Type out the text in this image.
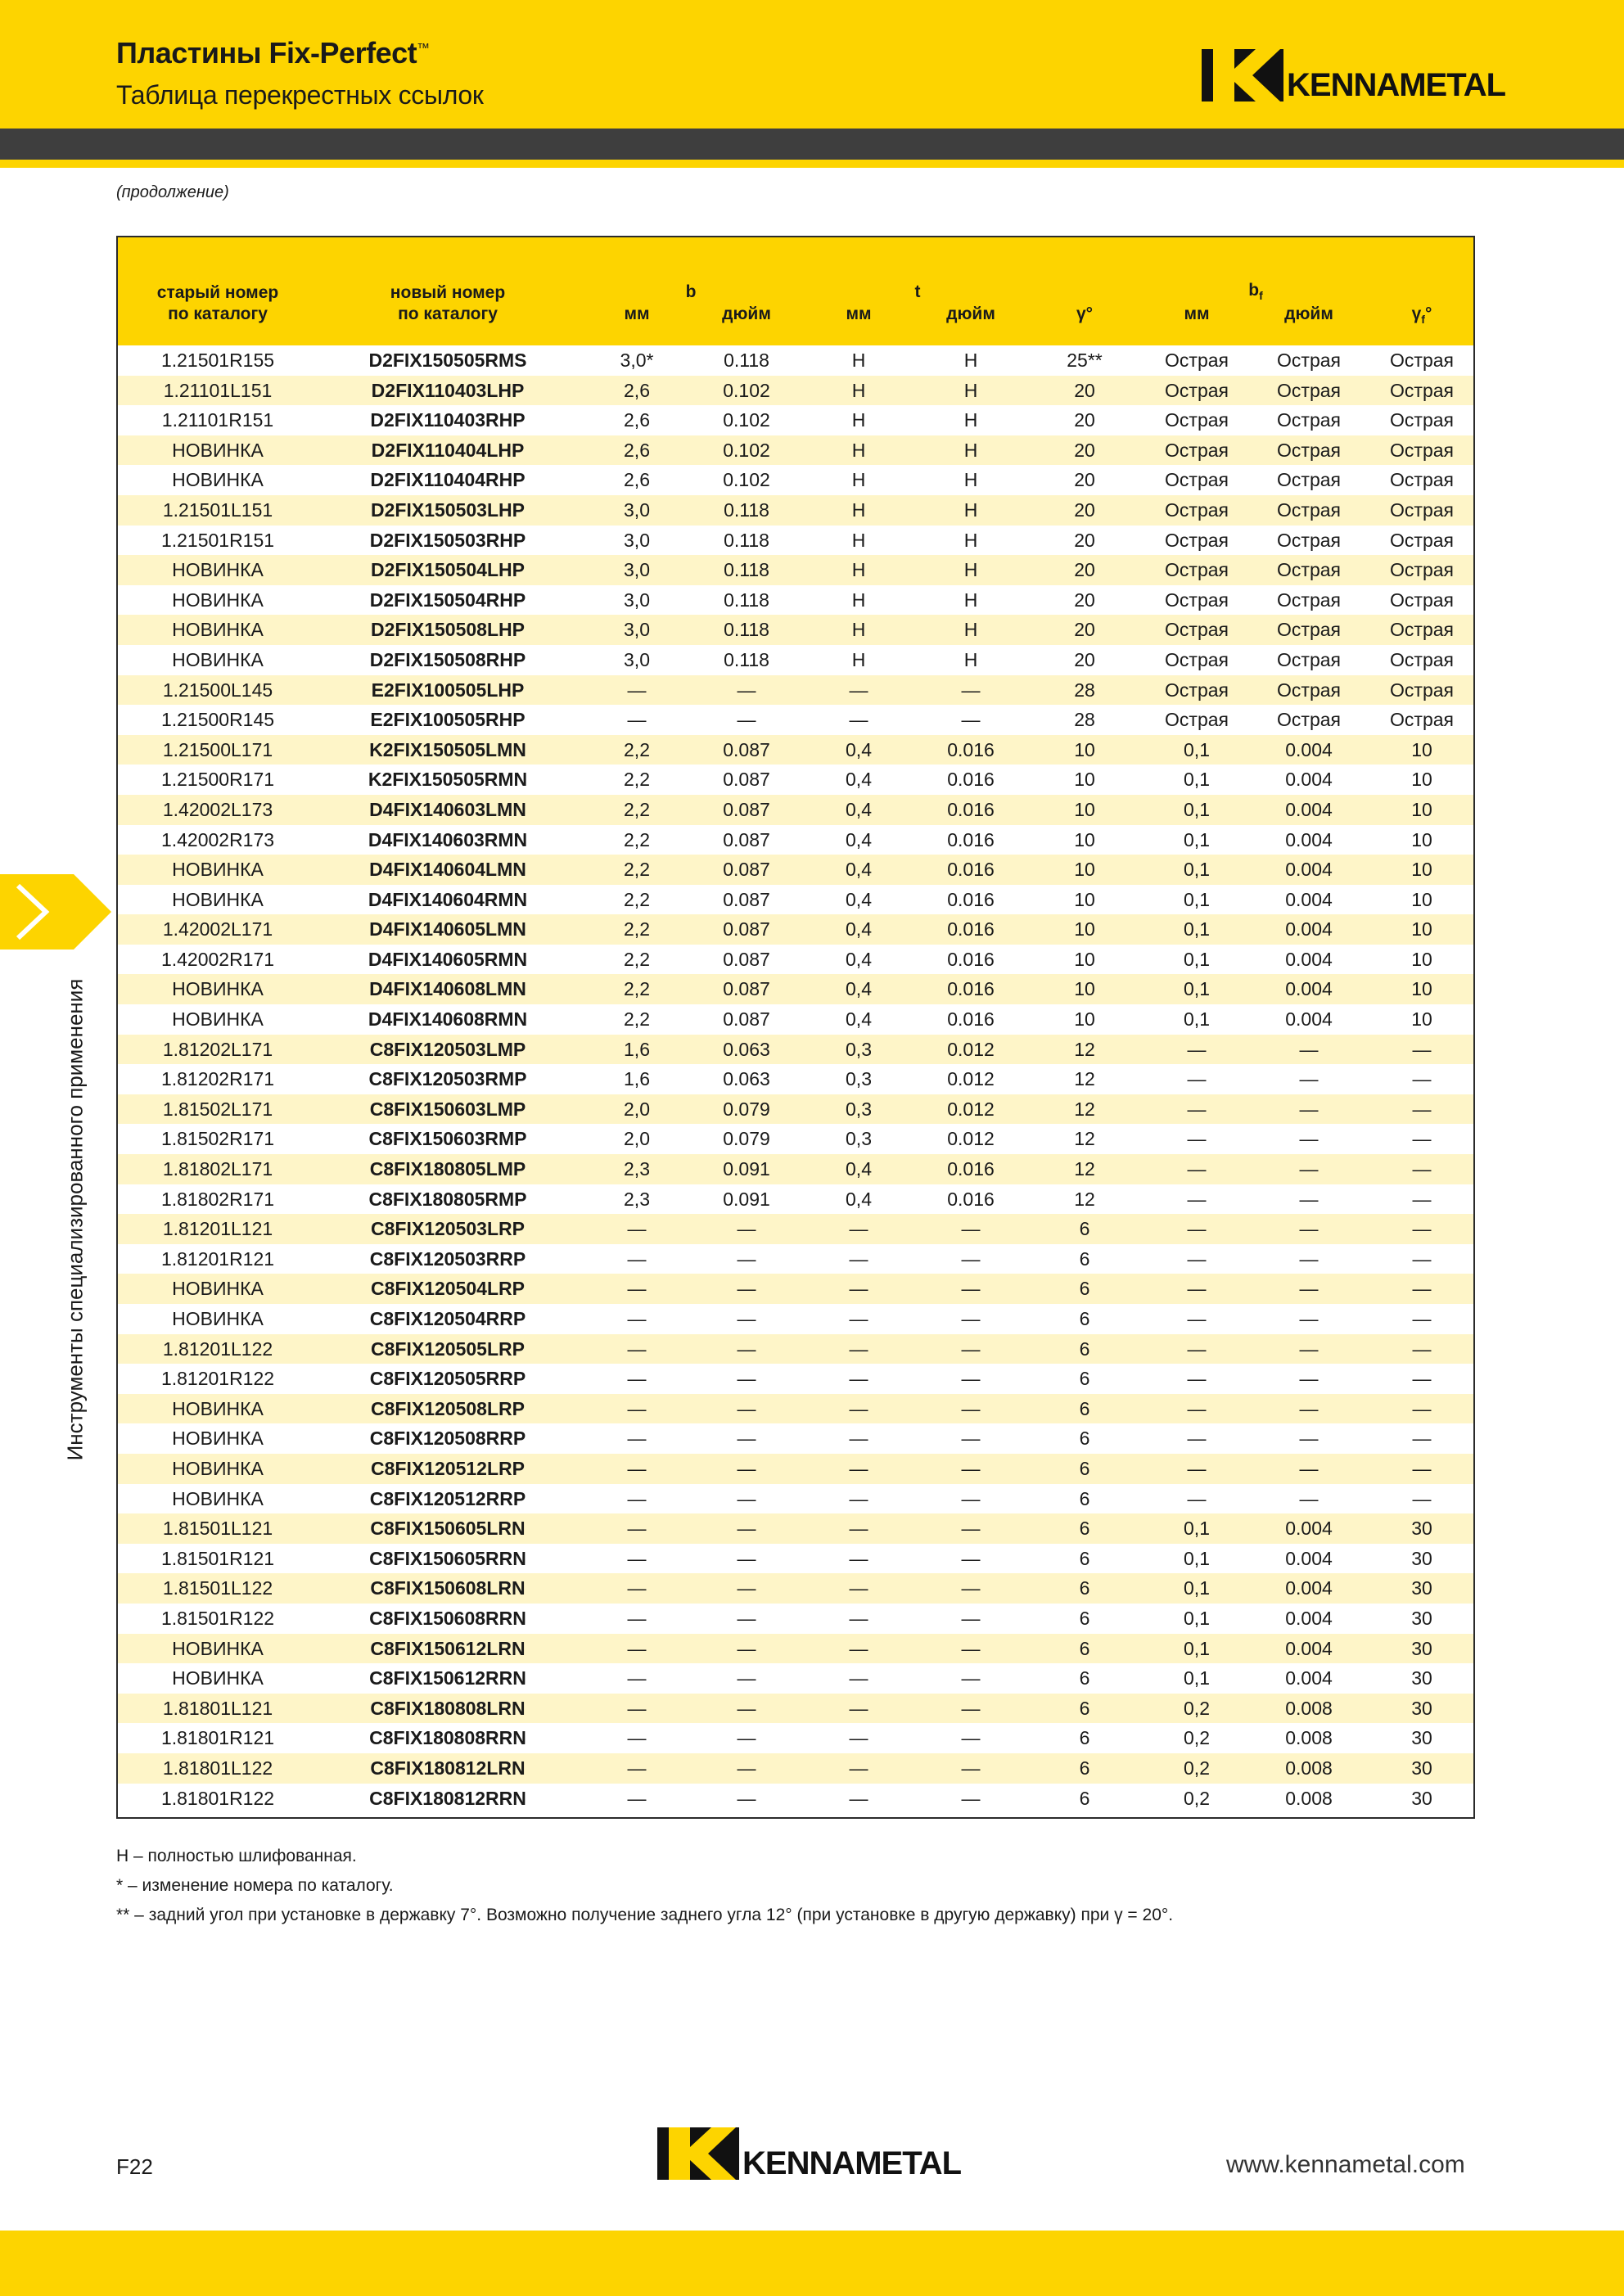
Пластины Fix-Perfect™
Таблица перекрестных ссылок	KENNAMETAL
(продолжение)
Инструменты специализированного применения
старый номер
по каталогу
новый номер
по каталогу
b	t	$b_f$
мм	дюйм	мм	дюйм	γ°	мм	дюйм	$\gamma_f^\circ$
1.21501R155	D2FIX150505RMS	3,0*	0.118	H	H	25**	Острая	Острая	Острая
1.21101L151	D2FIX110403LHP	2,6	0.102	H	H	20	Острая	Острая	Острая
1.21101R151	D2FIX110403RHP	2,6	0.102	H	H	20	Острая	Острая	Острая
НОВИНКА	D2FIX110404LHP	2,6	0.102	H	H	20	Острая	Острая	Острая
НОВИНКА	D2FIX110404RHP	2,6	0.102	H	H	20	Острая	Острая	Острая
1.21501L151	D2FIX150503LHP	3,0	0.118	H	H	20	Острая	Острая	Острая
1.21501R151	D2FIX150503RHP	3,0	0.118	H	H	20	Острая	Острая	Острая
НОВИНКА	D2FIX150504LHP	3,0	0.118	H	H	20	Острая	Острая	Острая
НОВИНКА	D2FIX150504RHP	3,0	0.118	H	H	20	Острая	Острая	Острая
НОВИНКА	D2FIX150508LHP	3,0	0.118	H	H	20	Острая	Острая	Острая
НОВИНКА	D2FIX150508RHP	3,0	0.118	H	H	20	Острая	Острая	Острая
1.21500L145	E2FIX100505LHP	—	—	—	—	28	Острая	Острая	Острая
1.21500R145	E2FIX100505RHP	—	—	—	—	28	Острая	Острая	Острая
1.21500L171	K2FIX150505LMN	2,2	0.087	0,4	0.016	10	0,1	0.004	10
1.21500R171	K2FIX150505RMN	2,2	0.087	0,4	0.016	10	0,1	0.004	10
1.42002L173	D4FIX140603LMN	2,2	0.087	0,4	0.016	10	0,1	0.004	10
1.42002R173	D4FIX140603RMN	2,2	0.087	0,4	0.016	10	0,1	0.004	10
НОВИНКА	D4FIX140604LMN	2,2	0.087	0,4	0.016	10	0,1	0.004	10
НОВИНКА	D4FIX140604RMN	2,2	0.087	0,4	0.016	10	0,1	0.004	10
1.42002L171	D4FIX140605LMN	2,2	0.087	0,4	0.016	10	0,1	0.004	10
1.42002R171	D4FIX140605RMN	2,2	0.087	0,4	0.016	10	0,1	0.004	10
НОВИНКА	D4FIX140608LMN	2,2	0.087	0,4	0.016	10	0,1	0.004	10
НОВИНКА	D4FIX140608RMN	2,2	0.087	0,4	0.016	10	0,1	0.004	10
1.81202L171	C8FIX120503LMP	1,6	0.063	0,3	0.012	12	—	—	—
1.81202R171	C8FIX120503RMP	1,6	0.063	0,3	0.012	12	—	—	—
1.81502L171	C8FIX150603LMP	2,0	0.079	0,3	0.012	12	—	—	—
1.81502R171	C8FIX150603RMP	2,0	0.079	0,3	0.012	12	—	—	—
1.81802L171	C8FIX180805LMP	2,3	0.091	0,4	0.016	12	—	—	—
1.81802R171	C8FIX180805RMP	2,3	0.091	0,4	0.016	12	—	—	—
1.81201L121	C8FIX120503LRP	—	—	—	—	6	—	—	—
1.81201R121	C8FIX120503RRP	—	—	—	—	6	—	—	—
НОВИНКА	C8FIX120504LRP	—	—	—	—	6	—	—	—
НОВИНКА	C8FIX120504RRP	—	—	—	—	6	—	—	—
1.81201L122	C8FIX120505LRP	—	—	—	—	6	—	—	—
1.81201R122	C8FIX120505RRP	—	—	—	—	6	—	—	—
НОВИНКА	C8FIX120508LRP	—	—	—	—	6	—	—	—
НОВИНКА	C8FIX120508RRP	—	—	—	—	6	—	—	—
НОВИНКА	C8FIX120512LRP	—	—	—	—	6	—	—	—
НОВИНКА	C8FIX120512RRP	—	—	—	—	6	—	—	—
1.81501L121	C8FIX150605LRN	—	—	—	—	6	0,1	0.004	30
1.81501R121	C8FIX150605RRN	—	—	—	—	6	0,1	0.004	30
1.81501L122	C8FIX150608LRN	—	—	—	—	6	0,1	0.004	30
1.81501R122	C8FIX150608RRN	—	—	—	—	6	0,1	0.004	30
НОВИНКА	C8FIX150612LRN	—	—	—	—	6	0,1	0.004	30
НОВИНКА	C8FIX150612RRN	—	—	—	—	6	0,1	0.004	30
1.81801L121	C8FIX180808LRN	—	—	—	—	6	0,2	0.008	30
1.81801R121	C8FIX180808RRN	—	—	—	—	6	0,2	0.008	30
1.81801L122	C8FIX180812LRN	—	—	—	—	6	0,2	0.008	30
1.81801R122	C8FIX180812RRN	—	—	—	—	6	0,2	0.008	30
H – полностью шлифованная.
* – изменение номера по каталогу.
** – задний угол при установке в державку 7°. Возможно получение заднего угла 12° (при установке в другую державку) при γ = 20°.
F22	KENNAMETAL	www.kennametal.com
